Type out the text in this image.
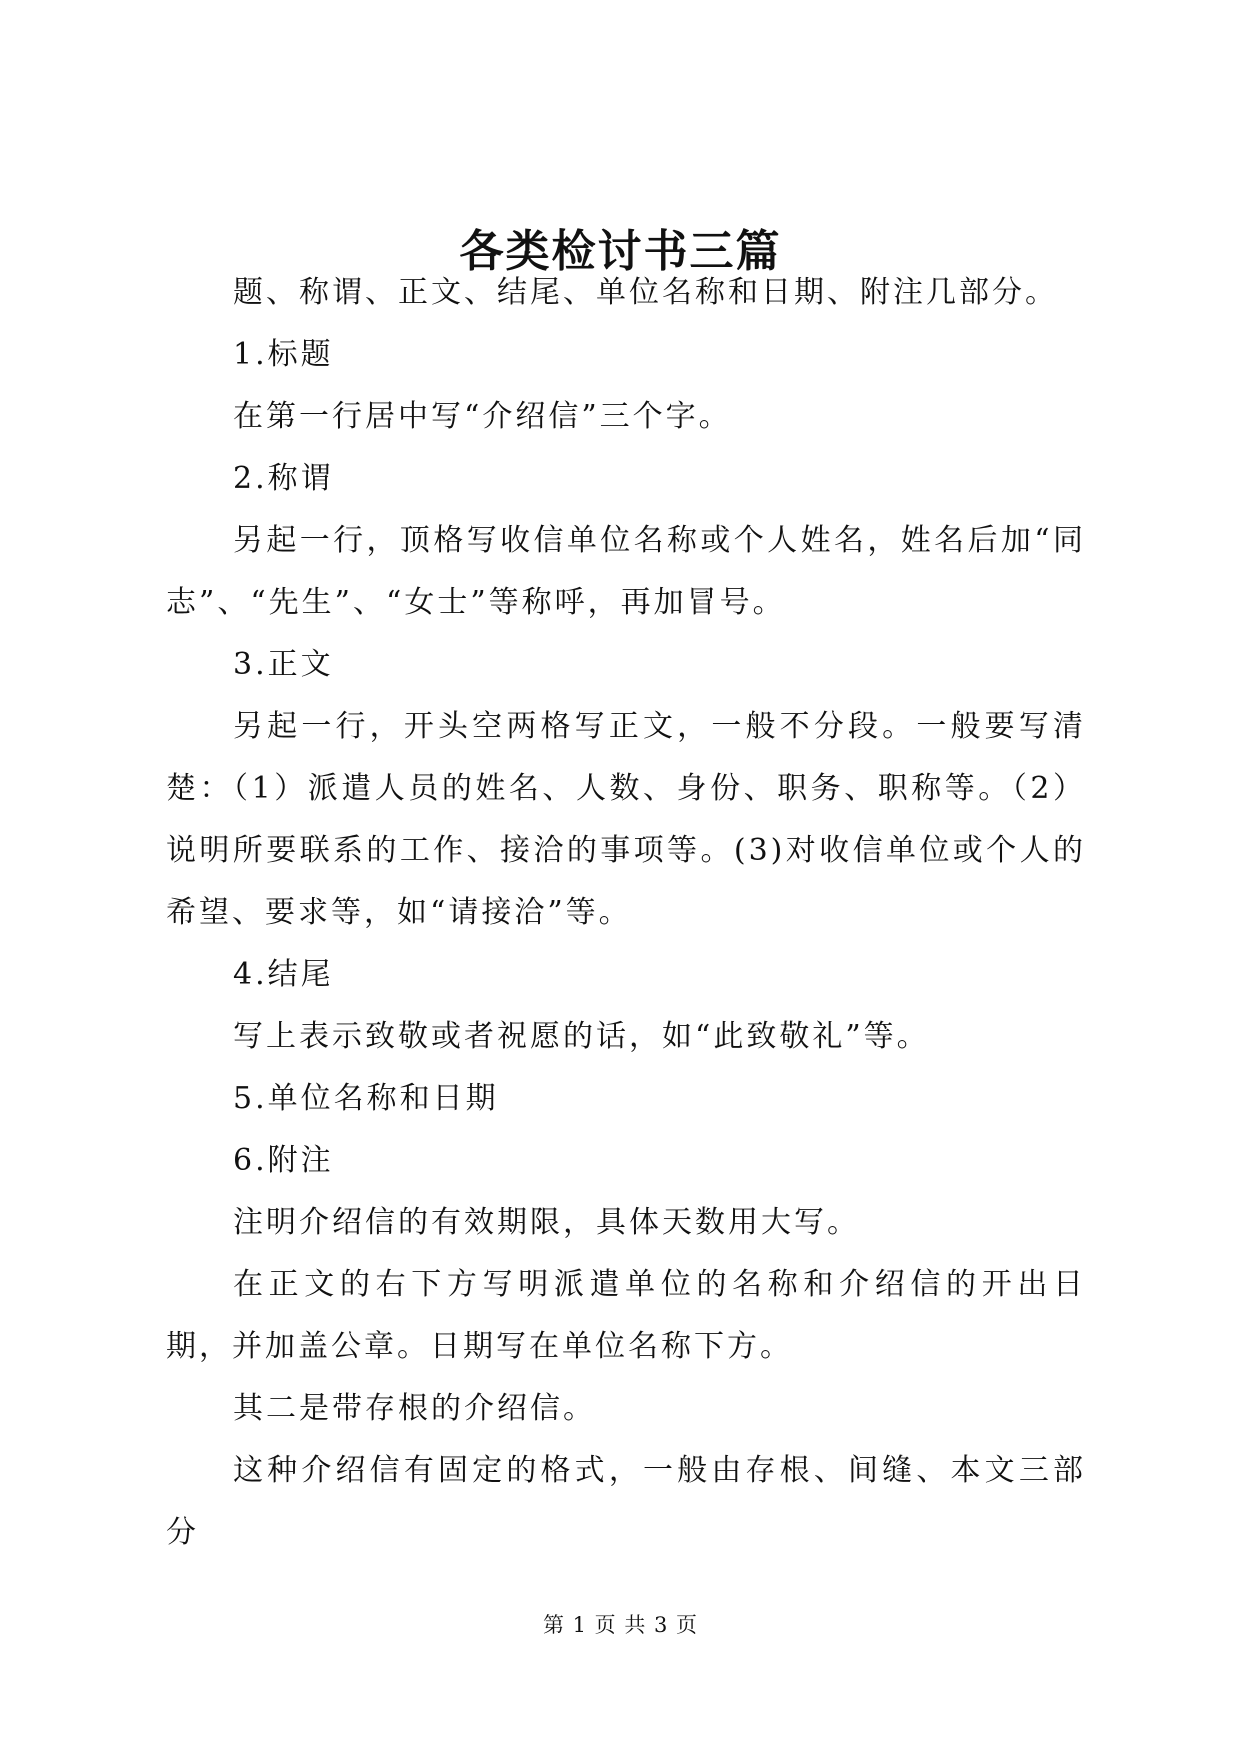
各类检讨书三篇

题、称谓、正文、结尾、单位名称和日期、附注几部分。

1.标题

在第一行居中写“介绍信”三个字。

2.称谓

另起一行，顶格写收信单位名称或个人姓名，姓名后加“同志”、“先生”、“女士”等称呼，再加冒号。

3.正文

另起一行，开头空两格写正文，一般不分段。一般要写清楚：（1）派遣人员的姓名、人数、身份、职务、职称等。（2）说明所要联系的工作、接洽的事项等。(3)对收信单位或个人的希望、要求等，如“请接洽”等。

4.结尾

写上表示致敬或者祝愿的话，如“此致敬礼”等。

5.单位名称和日期

6.附注

注明介绍信的有效期限，具体天数用大写。

在正文的右下方写明派遣单位的名称和介绍信的开出日期，并加盖公章。日期写在单位名称下方。

其二是带存根的介绍信。

这种介绍信有固定的格式，一般由存根、间缝、本文三部分

第 1 页 共 3 页
